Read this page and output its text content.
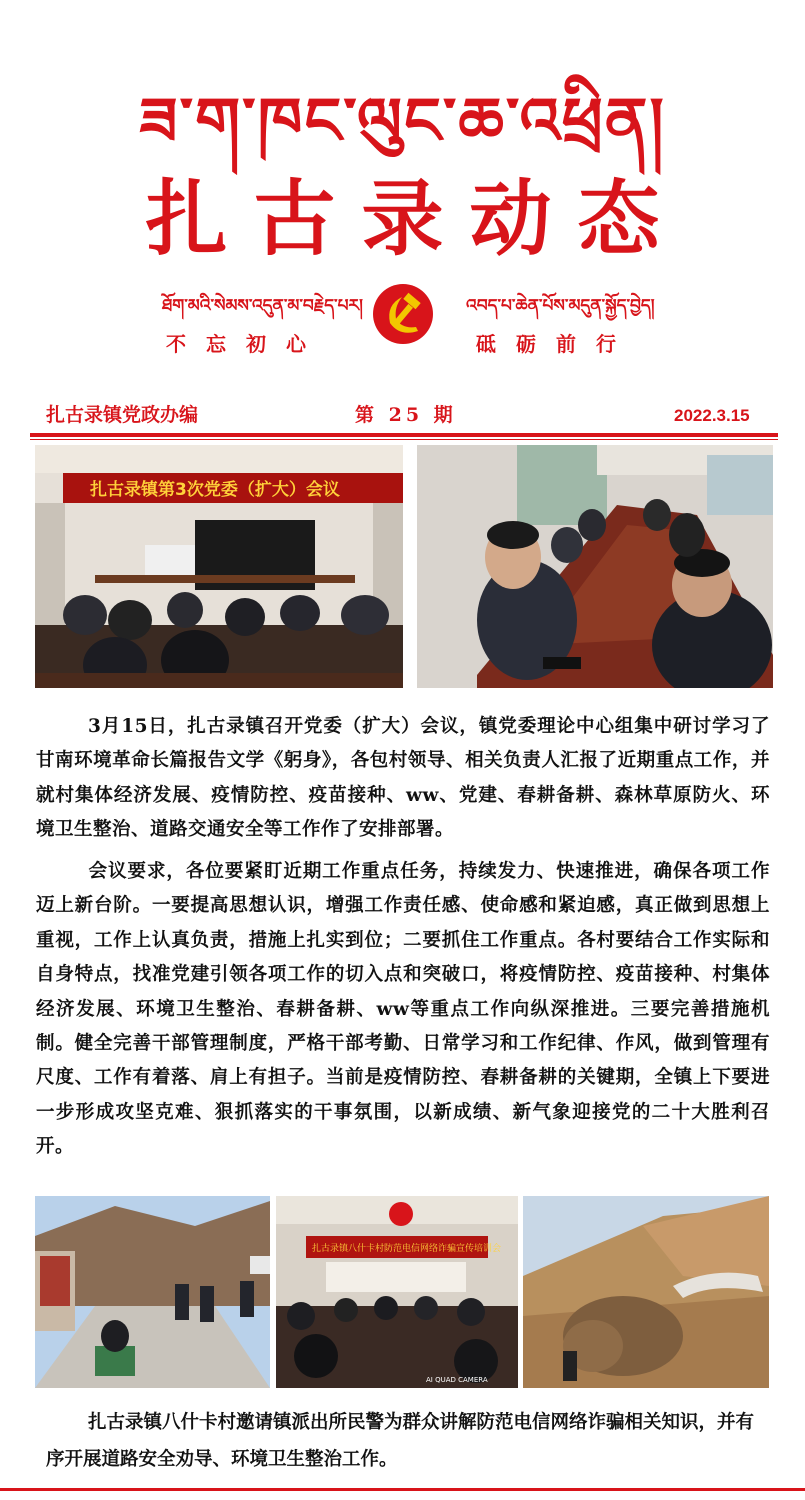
ཟ་ག་ཁང་ལུང་ཆ་འཕྲིན།
扎古录动态
ཐོག་མའི་སེམས་འདུན་མ་བརྗེད་པར།	འབད་པ་ཆེན་པོས་མདུན་སྐྱོད་བྱེད།
不忘初心	砥砺前行
扎古录镇党政办编	第 25 期	2022.3.15
扎古录镇第3次党委（扩大）会议
3月15日，扎古录镇召开党委（扩大）会议，镇党委理论中心组集中研讨学习了甘南环境革命长篇报告文学《躬身》，各包村领导、相关负责人汇报了近期重点工作，并就村集体经济发展、疫情防控、疫苗接种、ww、党建、春耕备耕、森林草原防火、环境卫生整治、道路交通安全等工作作了安排部署。
会议要求，各位要紧盯近期工作重点任务，持续发力、快速推进，确保各项工作迈上新台阶。一要提高思想认识，增强工作责任感、使命感和紧迫感，真正做到思想上重视，工作上认真负责，措施上扎实到位；二要抓住工作重点。各村要结合工作实际和自身特点，找准党建引领各项工作的切入点和突破口，将疫情防控、疫苗接种、村集体经济发展、环境卫生整治、春耕备耕、ww等重点工作向纵深推进。三要完善措施机制。健全完善干部管理制度，严格干部考勤、日常学习和工作纪律、作风，做到管理有尺度、工作有着落、肩上有担子。当前是疫情防控、春耕备耕的关键期，全镇上下要进一步形成攻坚克难、狠抓落实的干事氛围，以新成绩、新气象迎接党的二十大胜利召开。
扎古录镇八什卡村防范电信网络诈骗宣传培训会
AI QUAD CAMERA
扎古录镇八什卡村邀请镇派出所民警为群众讲解防范电信网络诈骗相关知识，并有序开展道路安全劝导、环境卫生整治工作。
